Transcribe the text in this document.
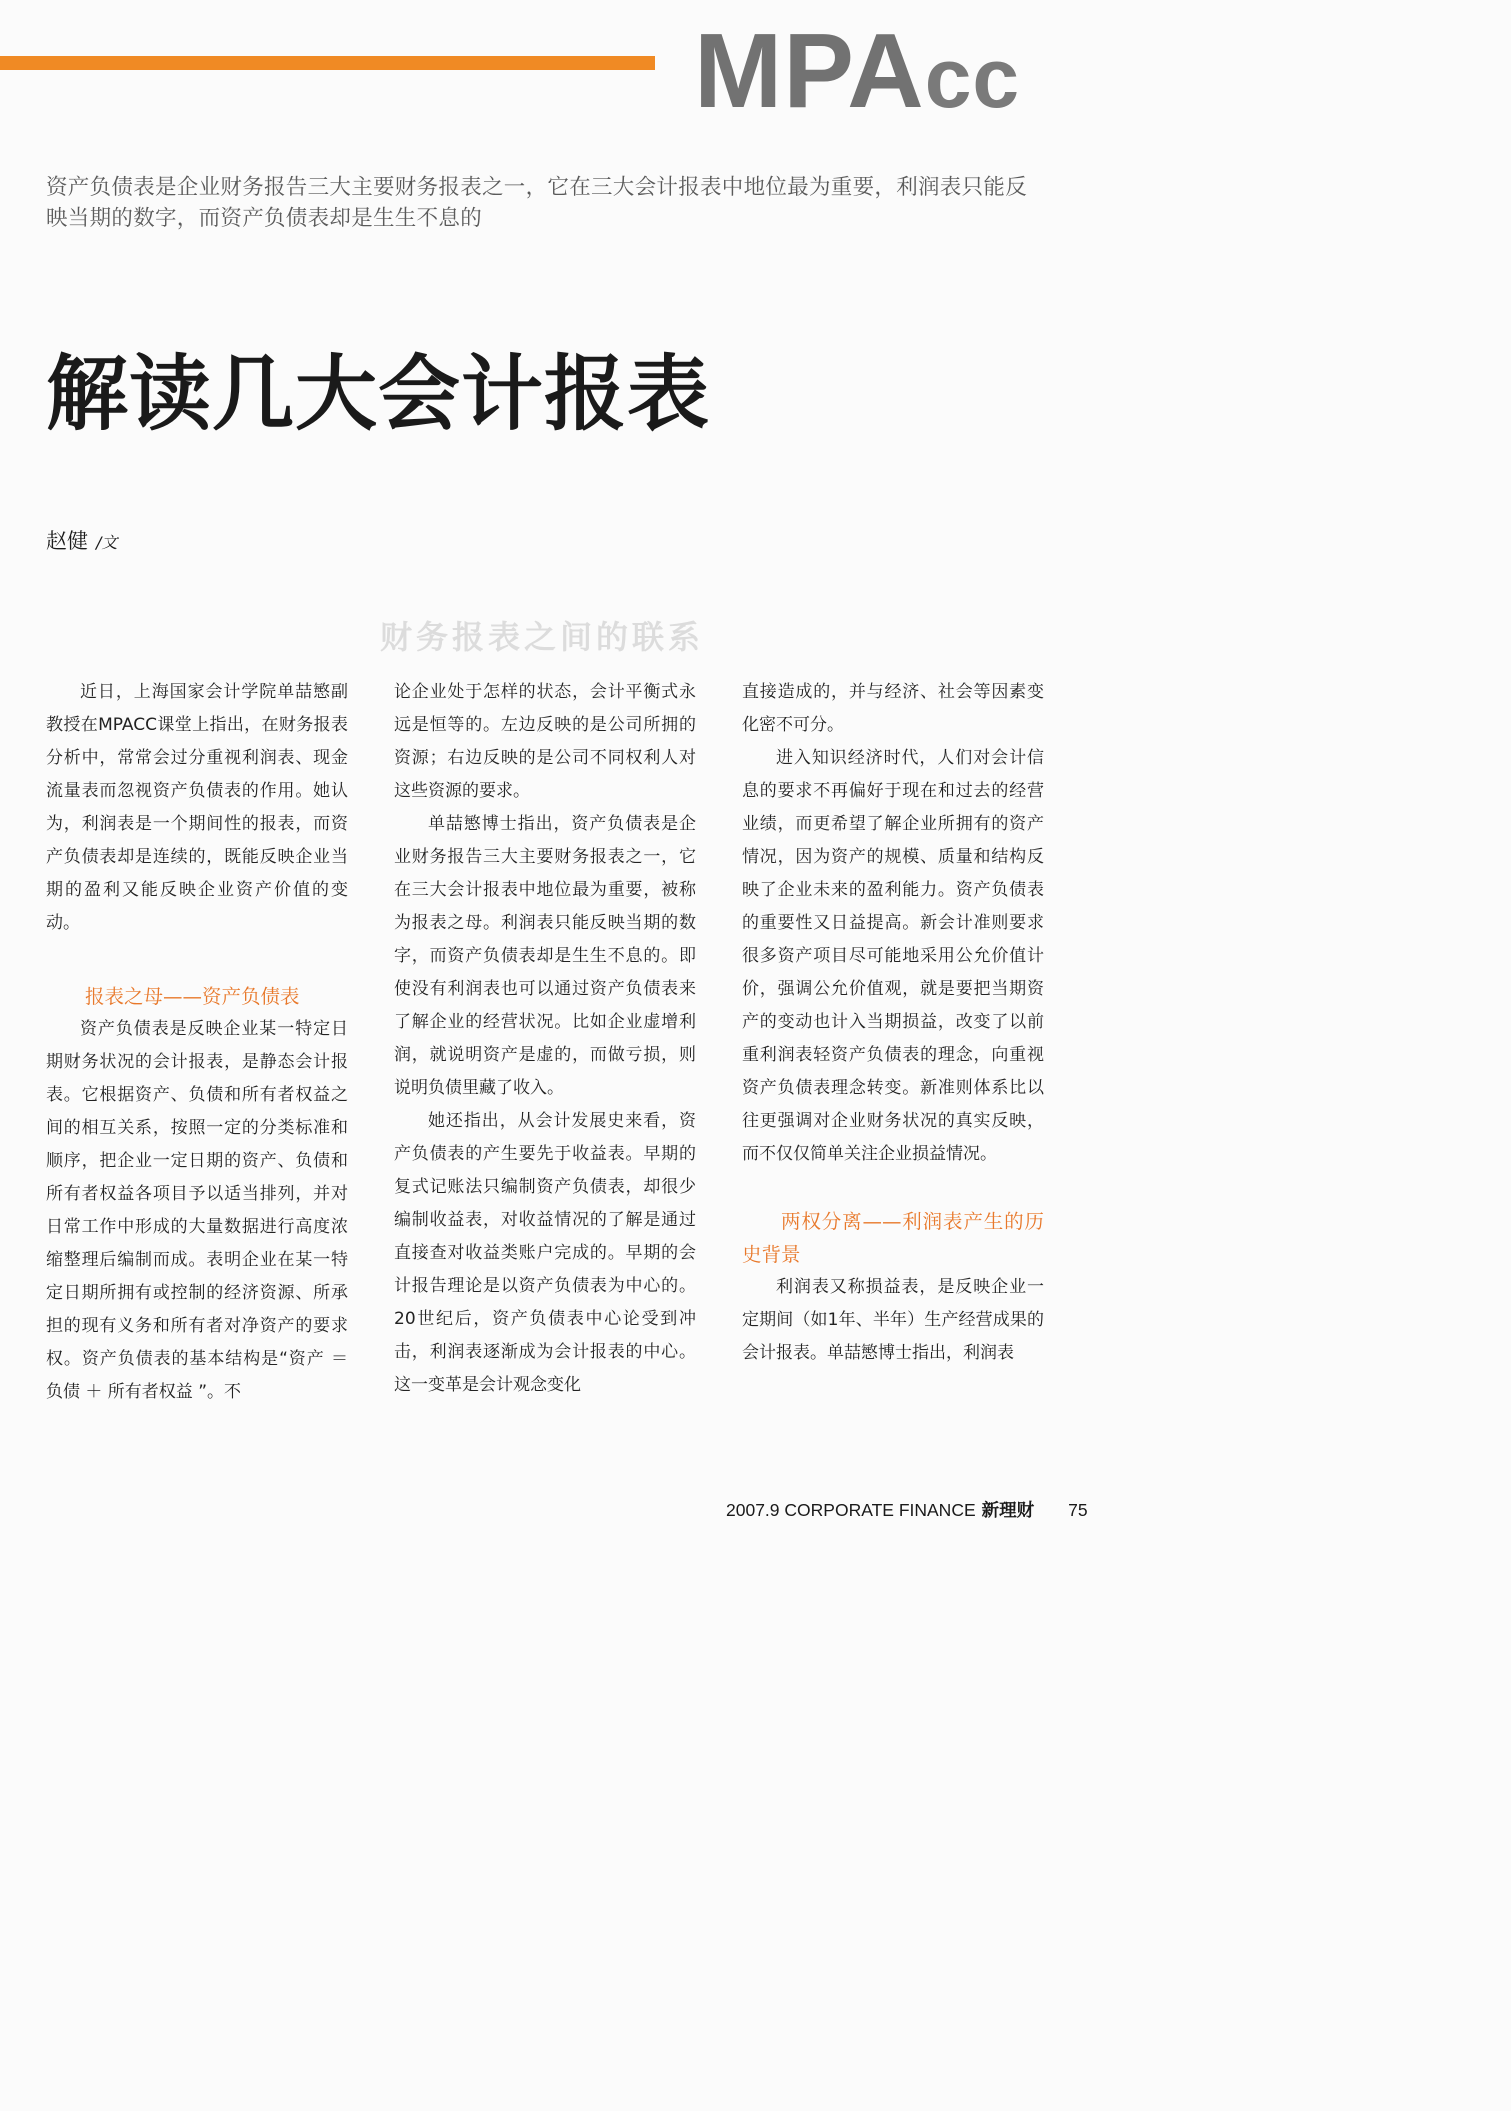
MPAcc

资产负债表是企业财务报告三大主要财务报表之一，它在三大会计报表中地位最为重要，利润表只能反映当期的数字，而资产负债表却是生生不息的

解读几大会计报表
赵健 /文
财务报表之间的联系

近日，上海国家会计学院单喆慜副教授在MPACC课堂上指出，在财务报表分析中，常常会过分重视利润表、现金流量表而忽视资产负债表的作用。她认为，利润表是一个期间性的报表，而资产负债表却是连续的，既能反映企业当期的盈利又能反映企业资产价值的变动。

报表之母——资产负债表

资产负债表是反映企业某一特定日期财务状况的会计报表，是静态会计报表。它根据资产、负债和所有者权益之间的相互关系，按照一定的分类标准和顺序，把企业一定日期的资产、负债和所有者权益各项目予以适当排列，并对日常工作中形成的大量数据进行高度浓缩整理后编制而成。表明企业在某一特定日期所拥有或控制的经济资源、所承担的现有义务和所有者对净资产的要求权。资产负债表的基本结构是“资产 ＝ 负债 ＋ 所有者权益 ”。不

论企业处于怎样的状态，会计平衡式永远是恒等的。左边反映的是公司所拥的资源；右边反映的是公司不同权利人对这些资源的要求。

单喆慜博士指出，资产负债表是企业财务报告三大主要财务报表之一，它在三大会计报表中地位最为重要，被称为报表之母。利润表只能反映当期的数字，而资产负债表却是生生不息的。即使没有利润表也可以通过资产负债表来了解企业的经营状况。比如企业虚增利润，就说明资产是虚的，而做亏损，则说明负债里藏了收入。

她还指出，从会计发展史来看，资产负债表的产生要先于收益表。早期的复式记账法只编制资产负债表，却很少编制收益表，对收益情况的了解是通过直接查对收益类账户完成的。早期的会计报告理论是以资产负债表为中心的。20世纪后，资产负债表中心论受到冲击，利润表逐渐成为会计报表的中心。这一变革是会计观念变化

直接造成的，并与经济、社会等因素变化密不可分。

进入知识经济时代，人们对会计信息的要求不再偏好于现在和过去的经营业绩，而更希望了解企业所拥有的资产情况，因为资产的规模、质量和结构反映了企业未来的盈利能力。资产负债表的重要性又日益提高。新会计准则要求很多资产项目尽可能地采用公允价值计价，强调公允价值观，就是要把当期资产的变动也计入当期损益，改变了以前重利润表轻资产负债表的理念，向重视资产负债表理念转变。新准则体系比以往更强调对企业财务状况的真实反映，而不仅仅简单关注企业损益情况。

两权分离——利润表产生的历史背景

利润表又称损益表，是反映企业一定期间（如1年、半年）生产经营成果的会计报表。单喆慜博士指出，利润表

2007.9 CORPORATE FINANCE 新理财 75
